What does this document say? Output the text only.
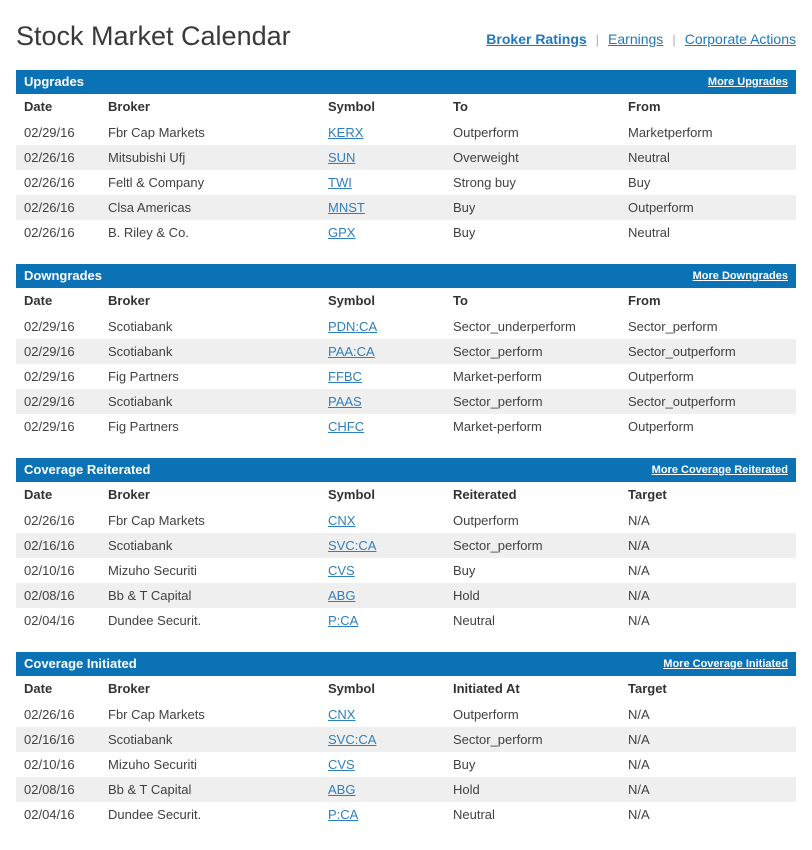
Stock Market Calendar	Broker Ratings | Earnings | Corporate Actions
Upgrades	More Upgrades
Date	Broker	Symbol	To	From
02/29/16	Fbr Cap Markets	KERX	Outperform	Marketperform
02/26/16	Mitsubishi Ufj	SUN	Overweight	Neutral
02/26/16	Feltl & Company	TWI	Strong buy	Buy
02/26/16	Clsa Americas	MNST	Buy	Outperform
02/26/16	B. Riley & Co.	GPX	Buy	Neutral
Downgrades	More Downgrades
Date	Broker	Symbol	To	From
02/29/16	Scotiabank	PDN:CA	Sector_underperform	Sector_perform
02/29/16	Scotiabank	PAA:CA	Sector_perform	Sector_outperform
02/29/16	Fig Partners	FFBC	Market-perform	Outperform
02/29/16	Scotiabank	PAAS	Sector_perform	Sector_outperform
02/29/16	Fig Partners	CHFC	Market-perform	Outperform
Coverage Reiterated	More Coverage Reiterated
Date	Broker	Symbol	Reiterated	Target
02/26/16	Fbr Cap Markets	CNX	Outperform	N/A
02/16/16	Scotiabank	SVC:CA	Sector_perform	N/A
02/10/16	Mizuho Securiti	CVS	Buy	N/A
02/08/16	Bb & T Capital	ABG	Hold	N/A
02/04/16	Dundee Securit.	P:CA	Neutral	N/A
Coverage Initiated	More Coverage Initiated
Date	Broker	Symbol	Initiated At	Target
02/26/16	Fbr Cap Markets	CNX	Outperform	N/A
02/16/16	Scotiabank	SVC:CA	Sector_perform	N/A
02/10/16	Mizuho Securiti	CVS	Buy	N/A
02/08/16	Bb & T Capital	ABG	Hold	N/A
02/04/16	Dundee Securit.	P:CA	Neutral	N/A
